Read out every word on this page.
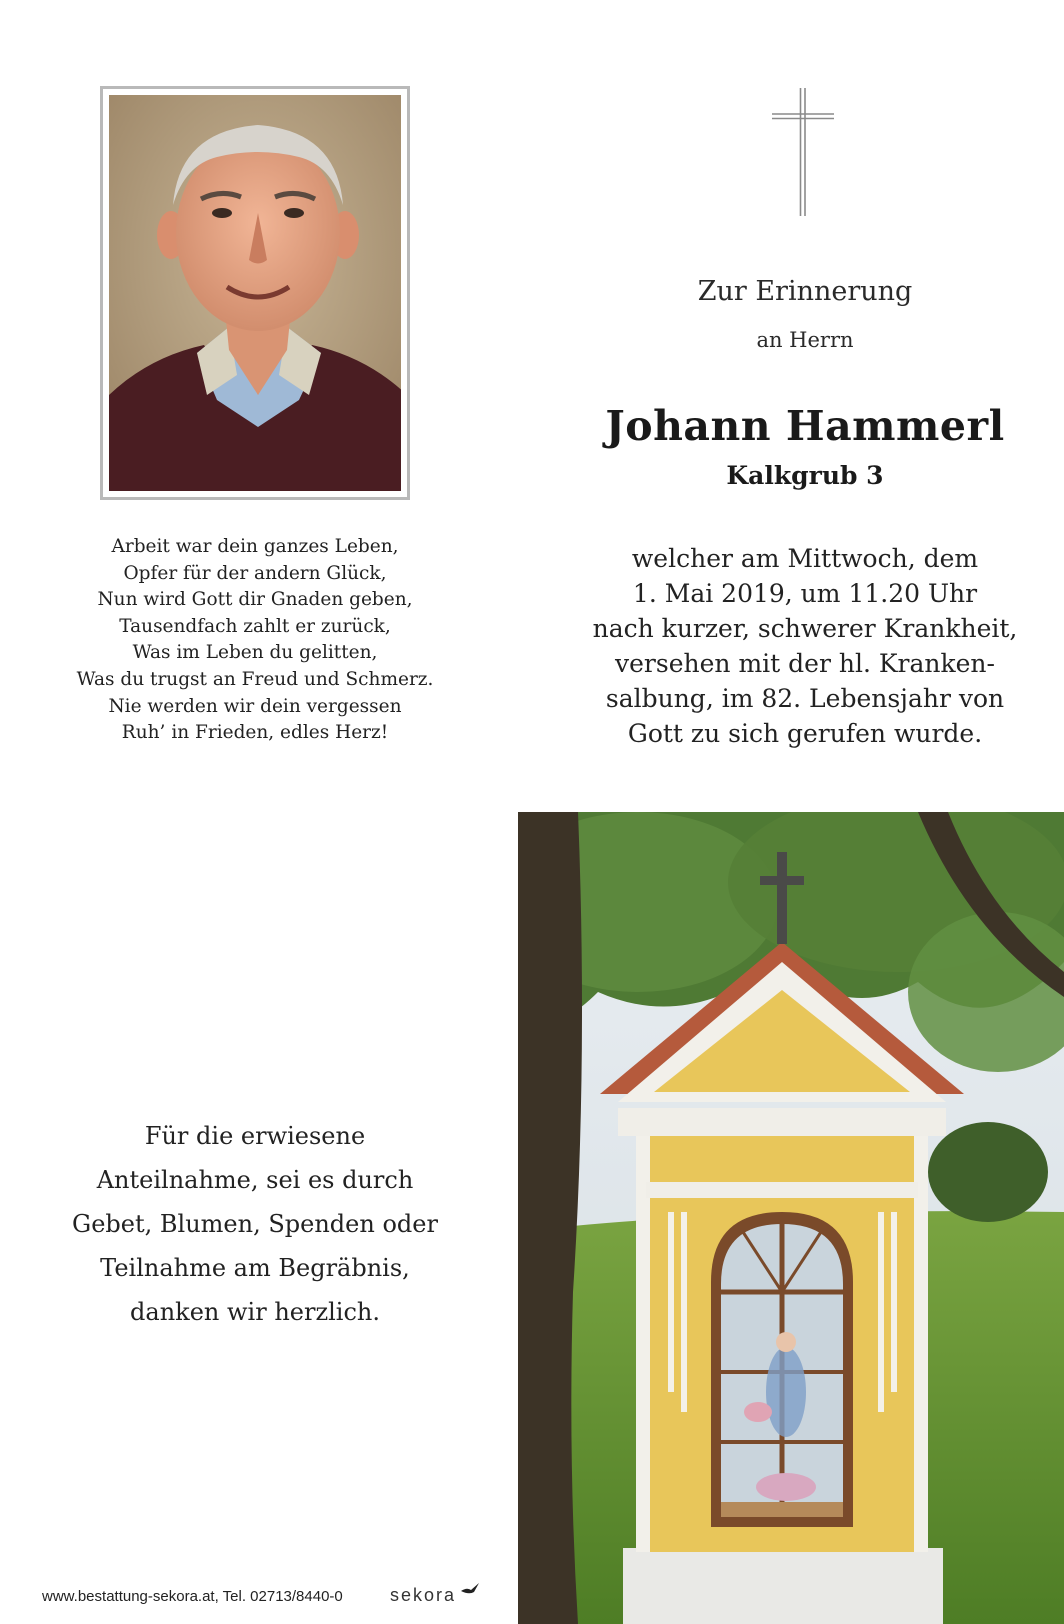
Arbeit war dein ganzes Leben,
Opfer für der andern Glück,
Nun wird Gott dir Gnaden geben,
Tausendfach zahlt er zurück,
Was im Leben du gelitten,
Was du trugst an Freud und Schmerz.
Nie werden wir dein vergessen
Ruh’ in Frieden, edles Herz!
Zur Erinnerung
an Herrn
Johann Hammerl
Kalkgrub 3
welcher am Mittwoch, dem
1. Mai 2019, um 11.20 Uhr
nach kurzer, schwerer Krankheit,
versehen mit der hl. Kranken-
salbung, im 82. Lebensjahr von
Gott zu sich gerufen wurde.
Für die erwiesene
Anteilnahme, sei es durch
Gebet, Blumen, Spenden oder
Teilnahme am Begräbnis,
danken wir herzlich.
www.bestattung-sekora.at, Tel. 02713/8440-0	sekora
